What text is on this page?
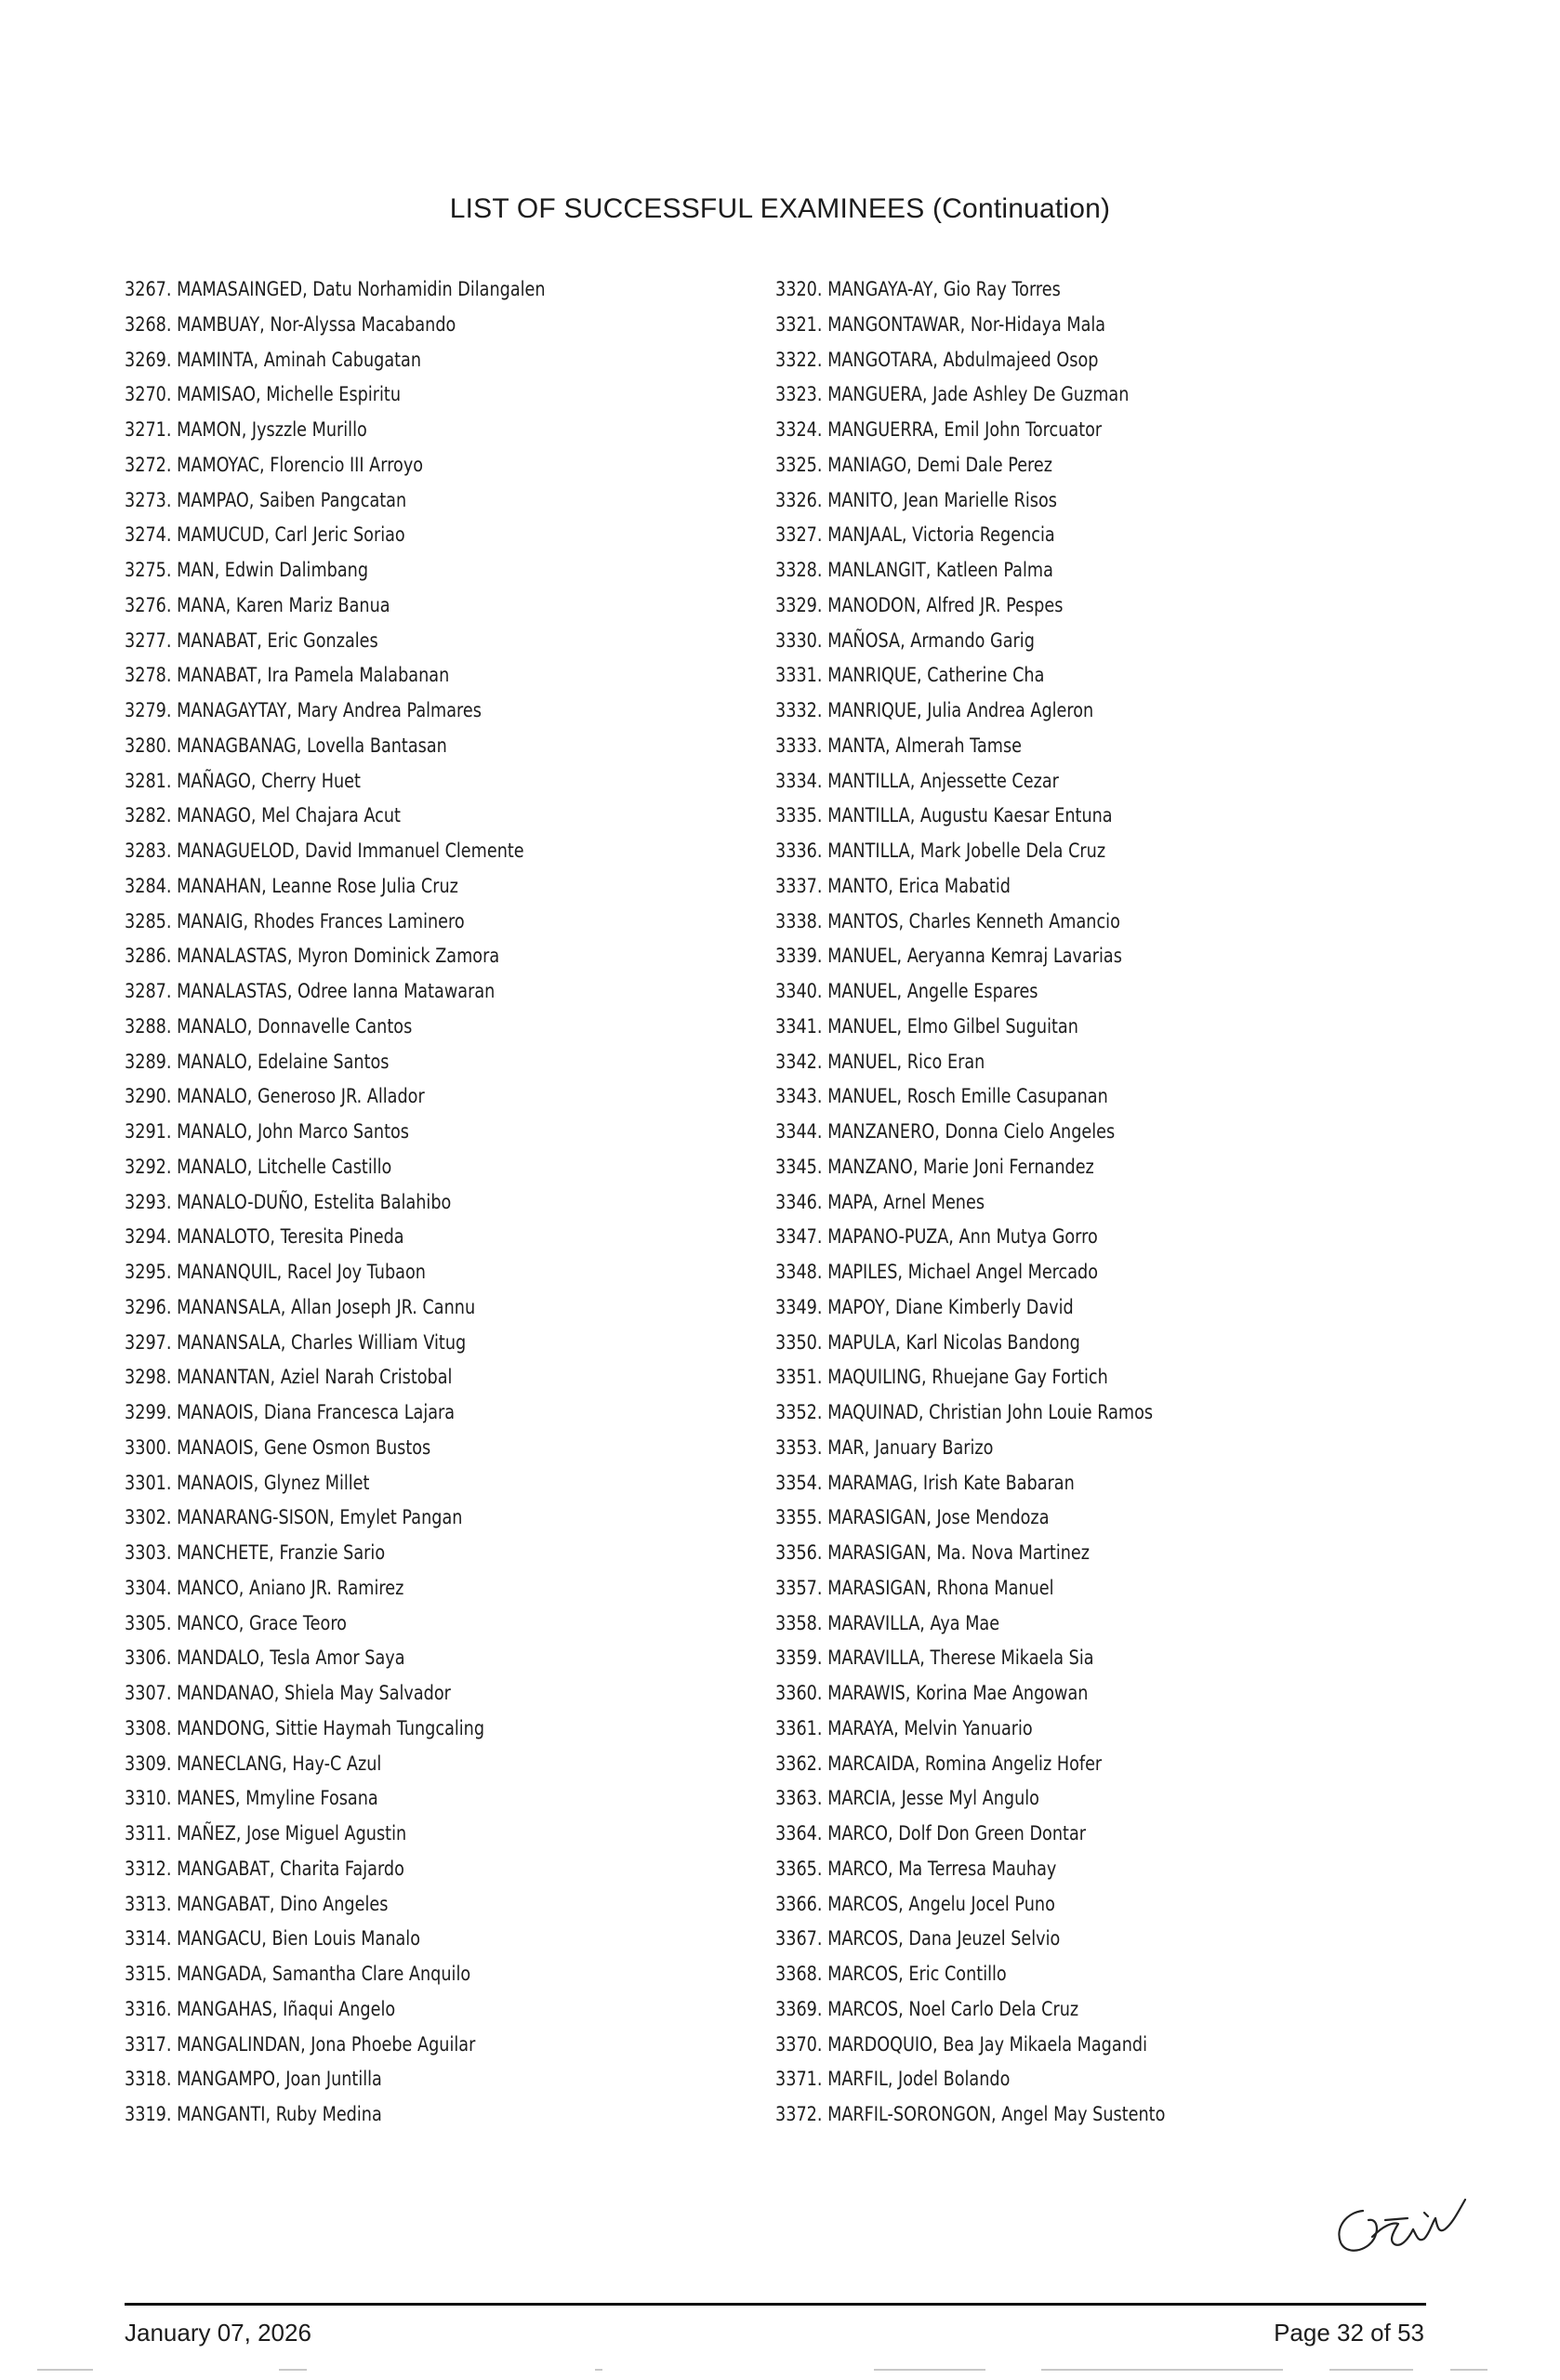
LIST OF SUCCESSFUL EXAMINEES (Continuation)
3267. MAMASAINGED, Datu Norhamidin Dilangalen
3268. MAMBUAY, Nor-Alyssa Macabando
3269. MAMINTA, Aminah Cabugatan
3270. MAMISAO, Michelle Espiritu
3271. MAMON, Jyszzle Murillo
3272. MAMOYAC, Florencio III Arroyo
3273. MAMPAO, Saiben Pangcatan
3274. MAMUCUD, Carl Jeric Soriao
3275. MAN, Edwin Dalimbang
3276. MANA, Karen Mariz Banua
3277. MANABAT, Eric Gonzales
3278. MANABAT, Ira Pamela Malabanan
3279. MANAGAYTAY, Mary Andrea Palmares
3280. MANAGBANAG, Lovella Bantasan
3281. MAÑAGO, Cherry Huet
3282. MANAGO, Mel Chajara Acut
3283. MANAGUELOD, David Immanuel Clemente
3284. MANAHAN, Leanne Rose Julia Cruz
3285. MANAIG, Rhodes Frances Laminero
3286. MANALASTAS, Myron Dominick Zamora
3287. MANALASTAS, Odree Ianna Matawaran
3288. MANALO, Donnavelle Cantos
3289. MANALO, Edelaine Santos
3290. MANALO, Generoso JR. Allador
3291. MANALO, John Marco Santos
3292. MANALO, Litchelle Castillo
3293. MANALO-DUÑO, Estelita Balahibo
3294. MANALOTO, Teresita Pineda
3295. MANANQUIL, Racel Joy Tubaon
3296. MANANSALA, Allan Joseph JR. Cannu
3297. MANANSALA, Charles William Vitug
3298. MANANTAN, Aziel Narah Cristobal
3299. MANAOIS, Diana Francesca Lajara
3300. MANAOIS, Gene Osmon Bustos
3301. MANAOIS, Glynez Millet
3302. MANARANG-SISON, Emylet Pangan
3303. MANCHETE, Franzie Sario
3304. MANCO, Aniano JR. Ramirez
3305. MANCO, Grace Teoro
3306. MANDALO, Tesla Amor Saya
3307. MANDANAO, Shiela May Salvador
3308. MANDONG, Sittie Haymah Tungcaling
3309. MANECLANG, Hay-C Azul
3310. MANES, Mmyline Fosana
3311. MAÑEZ, Jose Miguel Agustin
3312. MANGABAT, Charita Fajardo
3313. MANGABAT, Dino Angeles
3314. MANGACU, Bien Louis Manalo
3315. MANGADA, Samantha Clare Anquilo
3316. MANGAHAS, Iñaqui Angelo
3317. MANGALINDAN, Jona Phoebe Aguilar
3318. MANGAMPO, Joan Juntilla
3319. MANGANTI, Ruby Medina
3320. MANGAYA-AY, Gio Ray Torres
3321. MANGONTAWAR, Nor-Hidaya Mala
3322. MANGOTARA, Abdulmajeed Osop
3323. MANGUERA, Jade Ashley De Guzman
3324. MANGUERRA, Emil John Torcuator
3325. MANIAGO, Demi Dale Perez
3326. MANITO, Jean Marielle Risos
3327. MANJAAL, Victoria Regencia
3328. MANLANGIT, Katleen Palma
3329. MANODON, Alfred JR. Pespes
3330. MAÑOSA, Armando Garig
3331. MANRIQUE, Catherine Cha
3332. MANRIQUE, Julia Andrea Agleron
3333. MANTA, Almerah Tamse
3334. MANTILLA, Anjessette Cezar
3335. MANTILLA, Augustu Kaesar Entuna
3336. MANTILLA, Mark Jobelle Dela Cruz
3337. MANTO, Erica Mabatid
3338. MANTOS, Charles Kenneth Amancio
3339. MANUEL, Aeryanna Kemraj Lavarias
3340. MANUEL, Angelle Espares
3341. MANUEL, Elmo Gilbel Suguitan
3342. MANUEL, Rico Eran
3343. MANUEL, Rosch Emille Casupanan
3344. MANZANERO, Donna Cielo Angeles
3345. MANZANO, Marie Joni Fernandez
3346. MAPA, Arnel Menes
3347. MAPANO-PUZA, Ann Mutya Gorro
3348. MAPILES, Michael Angel Mercado
3349. MAPOY, Diane Kimberly David
3350. MAPULA, Karl Nicolas Bandong
3351. MAQUILING, Rhuejane Gay Fortich
3352. MAQUINAD, Christian John Louie Ramos
3353. MAR, January Barizo
3354. MARAMAG, Irish Kate Babaran
3355. MARASIGAN, Jose Mendoza
3356. MARASIGAN, Ma. Nova Martinez
3357. MARASIGAN, Rhona Manuel
3358. MARAVILLA, Aya Mae
3359. MARAVILLA, Therese Mikaela Sia
3360. MARAWIS, Korina Mae Angowan
3361. MARAYA, Melvin Yanuario
3362. MARCAIDA, Romina Angeliz Hofer
3363. MARCIA, Jesse Myl Angulo
3364. MARCO, Dolf Don Green Dontar
3365. MARCO, Ma Terresa Mauhay
3366. MARCOS, Angelu Jocel Puno
3367. MARCOS, Dana Jeuzel Selvio
3368. MARCOS, Eric Contillo
3369. MARCOS, Noel Carlo Dela Cruz
3370. MARDOQUIO, Bea Jay Mikaela Magandi
3371. MARFIL, Jodel Bolando
3372. MARFIL-SORONGON, Angel May Sustento
January 07, 2026	Page 32 of 53
